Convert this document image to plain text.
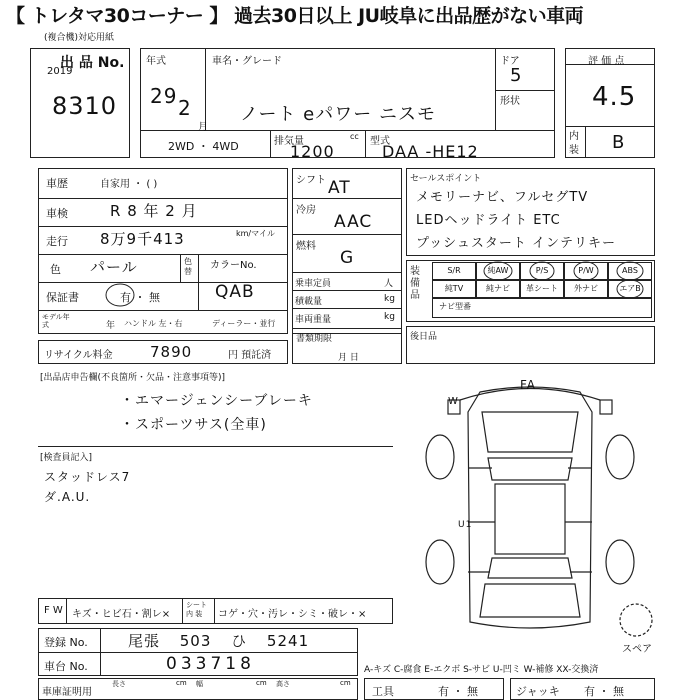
【 トレタマ30コーナー 】 過去30日以上 JU岐阜に出品歴がない車両
(複合機)対応用紙
出 品 No.
2019
8310
年式
29 2
月
車名・グレード
ノート eパワー ニスモ
ドア
5
形状
2WD ・ 4WD	排気量	cc
1200
型式
DAA -HE12
評 価 点
4.5
内装 B
車歴	自家用 ・ ( )
車検	R 8 年 2 月
走行 8万9千413	km/マイル
色 パール	色替
カラーNo.
QAB
保証書	有 ・ 無
モデル年式	年 ハンドル 左・右	ディーラー・並行
シフト AT
冷房
AAC
燃料
G
乗車定員	人
積載量	kg
車両重量	kg
セールスポイント
メモリーナビ、フルセグTV
LEDヘッドライト ETC
プッシュスタート インテリキー
装備品
S/R	純AW	P/S	P/W	ABS
純TV	純ナビ	革シート	外ナビ	エアB
ナビ型番
リサイクル料金 7890	円 預託済
書類期限
月 日
後日品
[出品店申告欄(不良箇所・欠品・注意事項等)]
・エマージェンシーブレーキ
・スポーツサス(全車)
[検査員記入]
スタッドレス7
ダ.A.U.
FA
W
U1
スペア
F W キズ・ヒビ石・割レ×
シート内 装	コゲ・穴・汚レ・シミ・破レ・×
登録 No.	尾張 503 ひ 5241
車台 No.	033718	A-キズ C-腐食 E-エクボ S-サビ U-凹ミ W-補修 XX-交換済
車庫証明用
長さ	cm 幅	cm 高さ	cm
工具	有 ・ 無	ジャッキ 有 ・ 無
